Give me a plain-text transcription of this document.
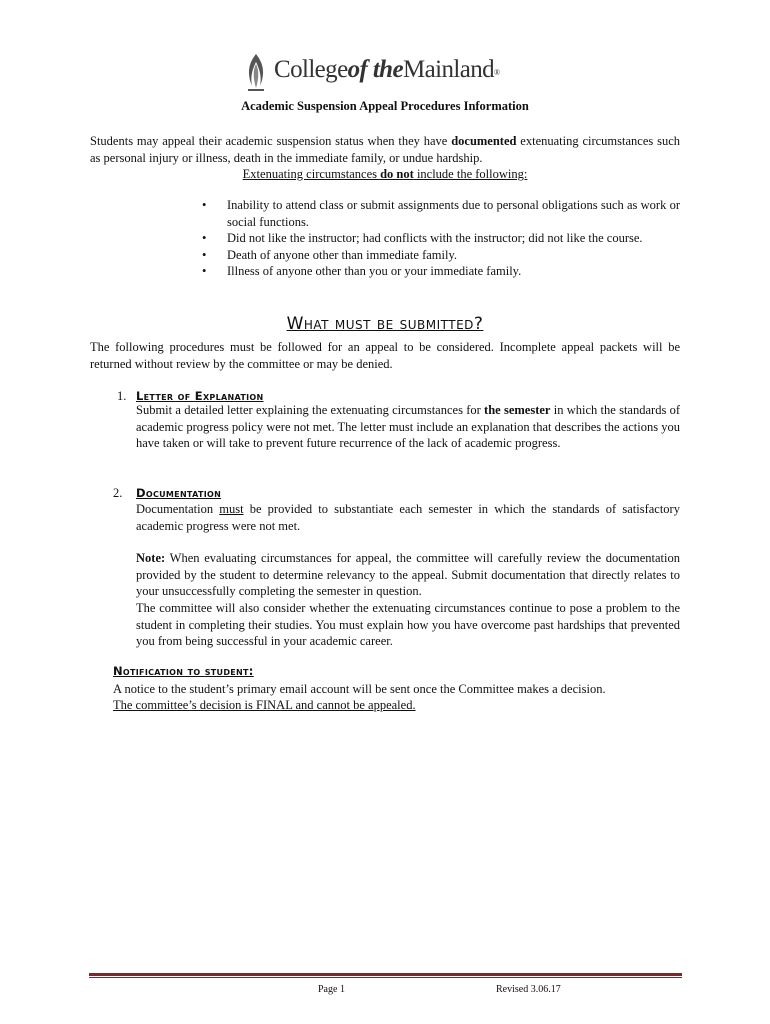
Collegeof theMainland®
Academic Suspension Appeal Procedures Information
Students may appeal their academic suspension status when they have documented extenuating circumstances such as personal injury or illness, death in the immediate family, or undue hardship.
Extenuating circumstances do not include the following:
• Inability to attend class or submit assignments due to personal obligations such as work or social functions.
• Did not like the instructor; had conflicts with the instructor; did not like the course.
• Death of anyone other than immediate family.
• Illness of anyone other than you or your immediate family.
What must be submitted?
The following procedures must be followed for an appeal to be considered. Incomplete appeal packets will be returned without review by the committee or may be denied.
1. Letter of Explanation
Submit a detailed letter explaining the extenuating circumstances for the semester in which the standards of academic progress policy were not met. The letter must include an explanation that describes the actions you have taken or will take to prevent future recurrence of the lack of academic progress.
2. Documentation
Documentation must be provided to substantiate each semester in which the standards of satisfactory academic progress were not met.
Note: When evaluating circumstances for appeal, the committee will carefully review the documentation provided by the student to determine relevancy to the appeal. Submit documentation that directly relates to your unsuccessfully completing the semester in question.
The committee will also consider whether the extenuating circumstances continue to pose a problem to the student in completing their studies. You must explain how you have overcome past hardships that prevented you from being successful in your academic career.
Notification to student:
A notice to the student’s primary email account will be sent once the Committee makes a decision.
The committee’s decision is FINAL and cannot be appealed.
Page 1	Revised 3.06.17
